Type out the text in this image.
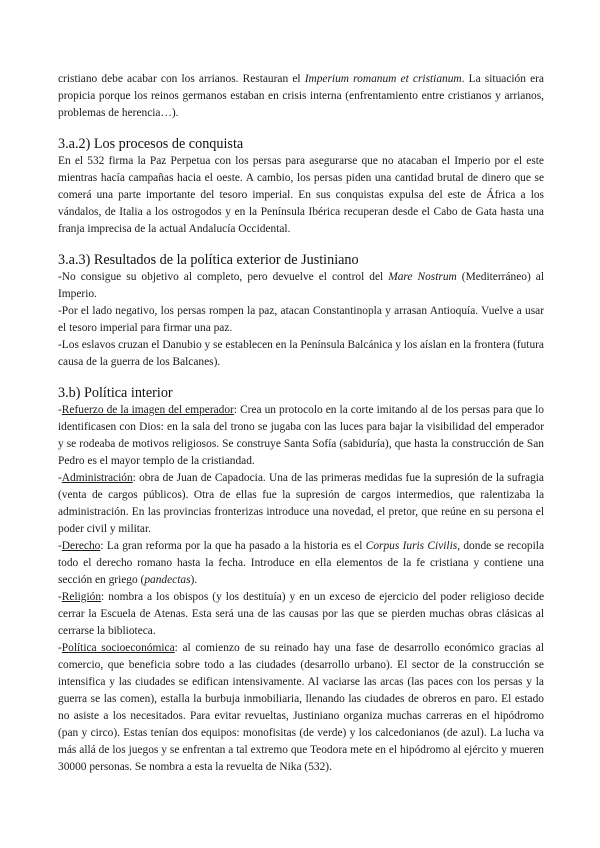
cristiano debe acabar con los arrianos. Restauran el Imperium romanum et cristianum. La situación era propicia porque los reinos germanos estaban en crisis interna (enfrentamiento entre cristianos y arrianos, problemas de herencia…).

3.a.2) Los procesos de conquista

En el 532 firma la Paz Perpetua con los persas para asegurarse que no atacaban el Imperio por el este mientras hacía campañas hacia el oeste. A cambio, los persas piden una cantidad brutal de dinero que se comerá una parte importante del tesoro imperial. En sus conquistas expulsa del este de África a los vándalos, de Italia a los ostrogodos y en la Península Ibérica recuperan desde el Cabo de Gata hasta una franja imprecisa de la actual Andalucía Occidental.

3.a.3) Resultados de la política exterior de Justiniano

-No consigue su objetivo al completo, pero devuelve el control del Mare Nostrum (Mediterráneo) al Imperio.

-Por el lado negativo, los persas rompen la paz, atacan Constantinopla y arrasan Antioquía. Vuelve a usar el tesoro imperial para firmar una paz.

-Los eslavos cruzan el Danubio y se establecen en la Península Balcánica y los aíslan en la frontera (futura causa de la guerra de los Balcanes).

3.b) Política interior

-Refuerzo de la imagen del emperador: Crea un protocolo en la corte imitando al de los persas para que lo identificasen con Dios: en la sala del trono se jugaba con las luces para bajar la visibilidad del emperador y se rodeaba de motivos religiosos. Se construye Santa Sofía (sabiduría), que hasta la construcción de San Pedro es el mayor templo de la cristiandad.

-Administración: obra de Juan de Capadocia. Una de las primeras medidas fue la supresión de la sufragia (venta de cargos públicos). Otra de ellas fue la supresión de cargos intermedios, que ralentizaba la administración. En las provincias fronterizas introduce una novedad, el pretor, que reúne en su persona el poder civil y militar.

-Derecho: La gran reforma por la que ha pasado a la historia es el Corpus Iuris Civilis, donde se recopila todo el derecho romano hasta la fecha. Introduce en ella elementos de la fe cristiana y contiene una sección en griego (pandectas).

-Religión: nombra a los obispos (y los destituía) y en un exceso de ejercicio del poder religioso decide cerrar la Escuela de Atenas. Esta será una de las causas por las que se pierden muchas obras clásicas al cerrarse la biblioteca.

-Política socioeconómica: al comienzo de su reinado hay una fase de desarrollo económico gracias al comercio, que beneficia sobre todo a las ciudades (desarrollo urbano). El sector de la construcción se intensifica y las ciudades se edifican intensivamente. Al vaciarse las arcas (las paces con los persas y la guerra se las comen), estalla la burbuja inmobiliaria, llenando las ciudades de obreros en paro. El estado no asiste a los necesitados. Para evitar revueltas, Justiniano organiza muchas carreras en el hipódromo (pan y circo). Estas tenían dos equipos: monofisitas (de verde) y los calcedonianos (de azul). La lucha va más allá de los juegos y se enfrentan a tal extremo que Teodora mete en el hipódromo al ejército y mueren 30000 personas. Se nombra a esta la revuelta de Nika (532).
